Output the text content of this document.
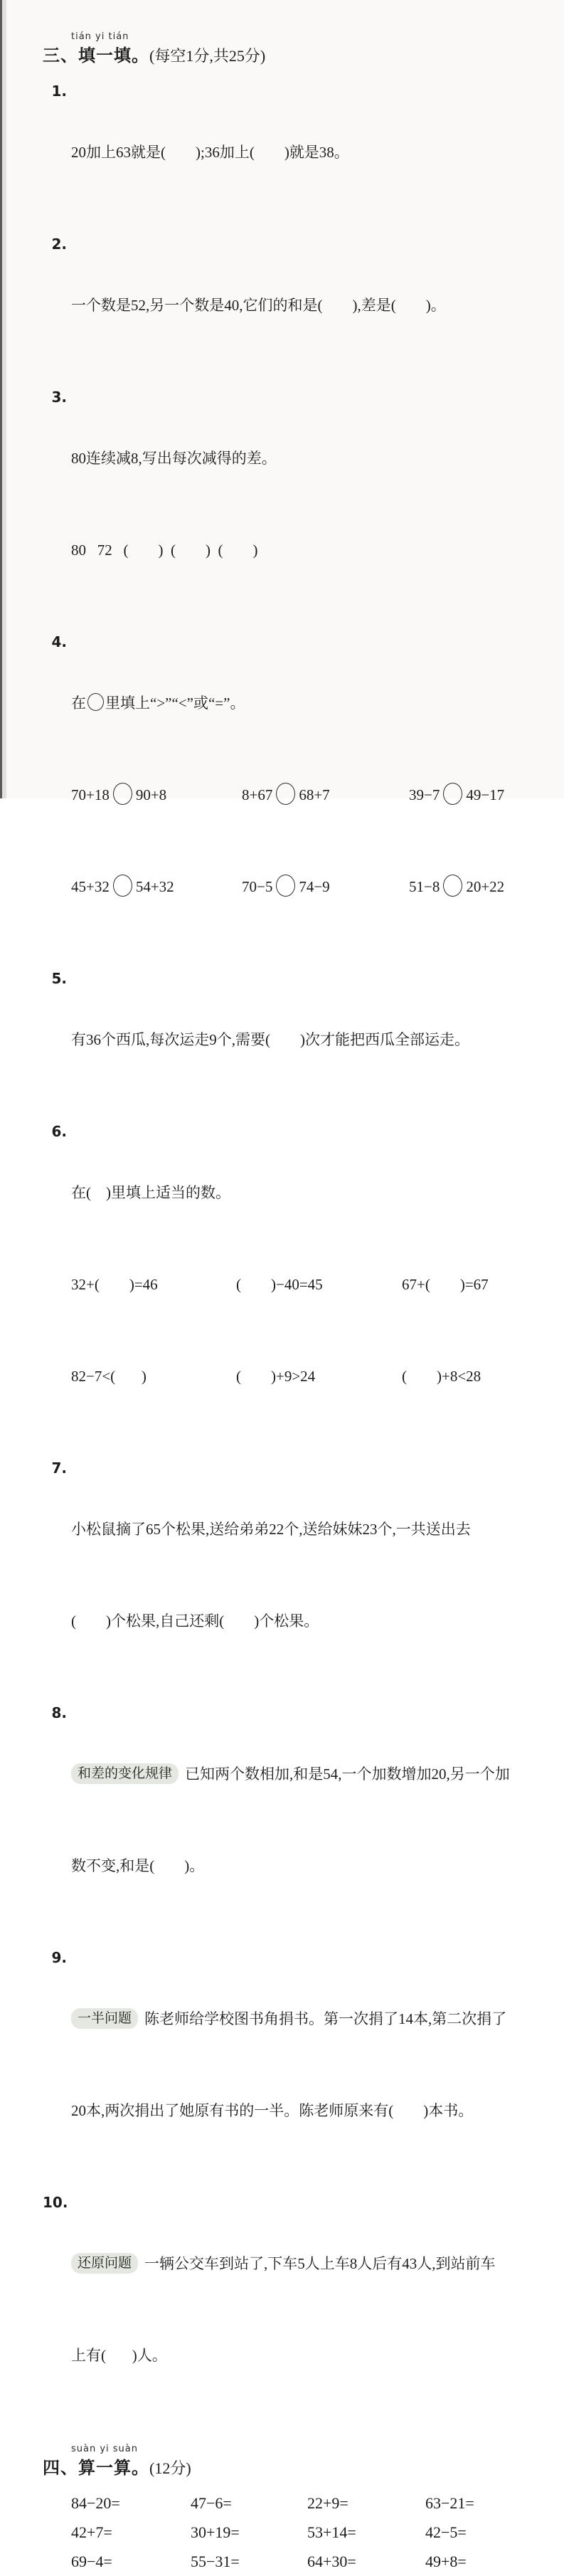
tián yi tián
三、填一填。(每空1分,共25分)
1.

20加上63就是(        );36加上(        )就是38。

2.

一个数是52,另一个数是40,它们的和是(        ),差是(        )。

3.

80连续减8,写出每次减得的差。

80   72   (        )  (        )  (        )

4.

在 里填上“>”“<”或“=”。

70+18 90+8	8+67 68+7	39−7 49−17

45+32 54+32	70−5 74−9	51−8 20+22

5.

有36个西瓜,每次运走9个,需要(        )次才能把西瓜全部运走。

6.

在(    )里填上适当的数。

32+(        )=46	(        )−40=45	67+(        )=67

82−7<(       )	(        )+9>24	(        )+8<28

7.

小松鼠摘了65个松果,送给弟弟22个,送给妹妹23个,一共送出去

(        )个松果,自己还剩(        )个松果。

8.

和差的变化规律 已知两个数相加,和是54,一个加数增加20,另一个加

数不变,和是(        )。

9.

一半问题 陈老师给学校图书角捐书。第一次捐了14本,第二次捐了

20本,两次捐出了她原有书的一半。陈老师原来有(        )本书。

10.

还原问题 一辆公交车到站了,下车5人上车8人后有43人,到站前车

上有(       )人。

suàn yi suàn
四、算一算。(12分)
84−20=	47−6=	22+9=	63−21=
42+7=	30+19=	53+14=	42−5=
69−4=	55−31=	64+30=	49+8=
